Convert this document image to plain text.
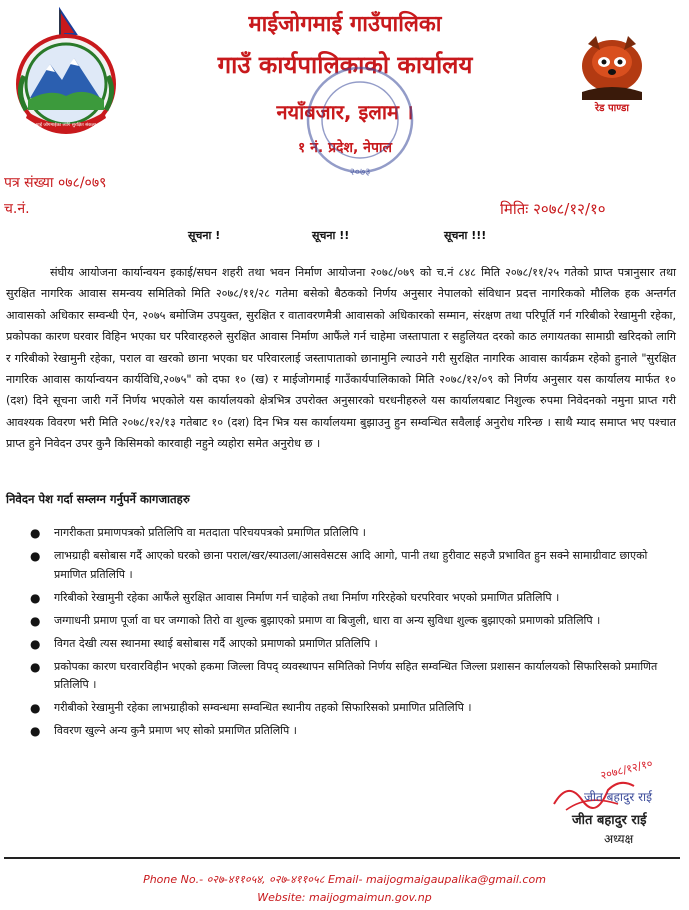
माई जोगमाईका लागि सुरक्षित संकल्प
माईजोगमाई गाउँपालिका
गाउँ कार्यपालिकाको कार्यालय
नयाँबजार, इलाम ।
१ नं. प्रदेश, नेपाल
२०७३
रेड पाण्डा
पत्र संख्या ०७८/०७९
च.नं.	मितिः २०७८/१२/१०
सूचना !	सूचना !!	सूचना !!!

संघीय आयोजना कार्यान्वयन इकाई/सघन शहरी तथा भवन निर्माण आयोजना २०७८/०७९ को च.नं ८४८ मिति २०७८/११/२५ गतेको प्राप्त पत्रानुसार तथा सुरक्षित नागरिक आवास समन्वय समितिको मिति २०७८/११/२८ गतेमा बसेको बैठकको निर्णय अनुसार नेपालको संविधान प्रदत्त नागरिकको मौलिक हक अन्तर्गत आवासको अधिकार सम्वन्धी ऐन, २०७५ बमोजिम उपयुक्त, सुरक्षित र वातावरणमैत्री आवासको अधिकारको सम्मान, संरक्षण तथा परिपूर्ति गर्न गरिबीको रेखामुनी रहेका, प्रकोपका कारण घरवार विहिन भएका घर परिवारहरुले सुरक्षित आवास निर्माण आफैंले गर्न चाहेमा जस्तापाता र सहुलियत दरको काठ लगायतका सामाग्री खरिदको लागि र गरिबीको रेखामुनी रहेका, पराल वा खरको छाना भएका घर परिवारलाई जस्तापाताको छानामुनि ल्याउने गरी सुरक्षित नागरिक आवास कार्यक्रम रहेको हुनाले "सुरक्षित नागरिक आवास कार्यान्वयन कार्यविधि,२०७५" को दफा १० (ख) र माईजोगमाई गाउँकार्यपालिकाको मिति २०७८/१२/०९ को निर्णय अनुसार यस कार्यालय मार्फत १० (दश) दिने सूचना जारी गर्ने निर्णय भएकोले यस कार्यालयको क्षेत्रभित्र उपरोक्त अनुसारको घरधनीहरुले यस कार्यालयबाट निशुल्क रुपमा निवेदनको नमुना प्राप्त गरी आवश्यक विवरण भरी मिति २०७८/१२/१३ गतेबाट १० (दश) दिन भित्र यस कार्यालयमा बुझाउनु हुन सम्वन्धित सवैलाई अनुरोध गरिन्छ । साथै म्याद समाप्त भए पश्चात प्राप्त हुने निवेदन उपर कुनै किसिमको कारवाही नहुने व्यहोरा समेत अनुरोध छ ।

निवेदन पेश गर्दा सम्लग्न गर्नुपर्ने कागजातहरु
● नागरीकता प्रमाणपत्रको प्रतिलिपि वा मतदाता परिचयपत्रको प्रमाणित प्रतिलिपि ।
● लाभग्राही बसोबास गर्दै आएको घरको छाना पराल/खर/स्याउला/आसवेसटस आदि आगो, पानी तथा हुरीवाट सहजै प्रभावित हुन सक्ने सामाग्रीवाट छाएको प्रमाणित प्रतिलिपि ।
● गरिबीको रेखामुनी रहेका आफैंले सुरक्षित आवास निर्माण गर्न चाहेको तथा निर्माण गरिरहेको घरपरिवार भएको प्रमाणित प्रतिलिपि ।
● जग्गाधनी प्रमाण पूर्जा वा घर जग्गाको तिरो वा शुल्क बुझाएको प्रमाण वा बिजुली, धारा वा अन्य सुविधा शुल्क बुझाएको प्रमाणको प्रतिलिपि ।
● विगत देखी त्यस स्थानमा स्थाई बसोबास गर्दै आएको प्रमाणको प्रमाणित प्रतिलिपि ।
● प्रकोपका कारण घरवारविहीन भएको हकमा जिल्ला विपद् व्यवस्थापन समितिको निर्णय सहित सम्वन्धित जिल्ला प्रशासन कार्यालयको सिफारिसको प्रमाणित प्रतिलिपि ।
● गरीबीको रेखामुनी रहेका लाभग्राहीको सम्वन्धमा सम्वन्धित स्थानीय तहको सिफारिसको प्रमाणित प्रतिलिपि ।
● विवरण खुल्ने अन्य कुनै प्रमाण भए सोको प्रमाणित प्रतिलिपि ।
२०७८/१२/१०
जीत बहादुर राई
जीत बहादुर राई
अध्यक्ष
Phone No.- ०२७-४११०५४, ०२७-४११०५८ Email- maijogmaigaupalika@gmail.com
Website: maijogmaimun.gov.np
